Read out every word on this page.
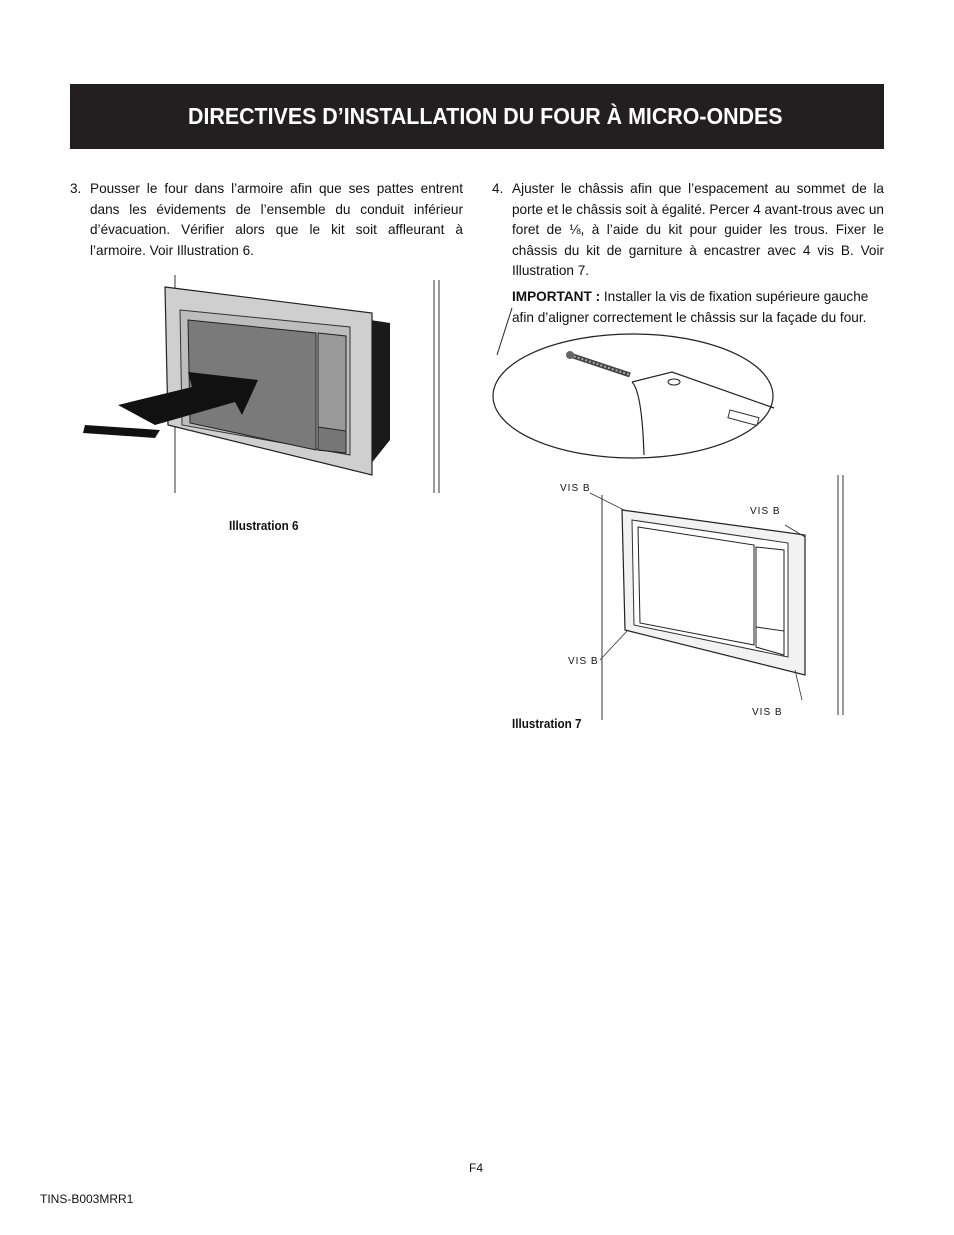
DIRECTIVES D’INSTALLATION DU FOUR À MICRO-ONDES
3. Pousser le four dans l’armoire afin que ses pattes entrent dans les évidements de l’ensemble du conduit inférieur d’évacuation. Vérifier alors que le kit soit affleurant à l’armoire. Voir Illustration 6.
4. Ajuster le châssis afin que l’espacement au sommet de la porte et le châssis soit à égalité. Percer 4 avant-trous avec un foret de ⅛, à l’aide du kit pour guider les trous. Fixer le châssis du kit de garniture à encastrer avec 4 vis B. Voir Illustration 7.
IMPORTANT : Installer la vis de fixation supérieure gauche afin d’aligner correctement le châssis sur la façade du four.
Illustration 6
VIS B
VIS B
VIS B
VIS B
Illustration 7
F4
TINS-B003MRR1
